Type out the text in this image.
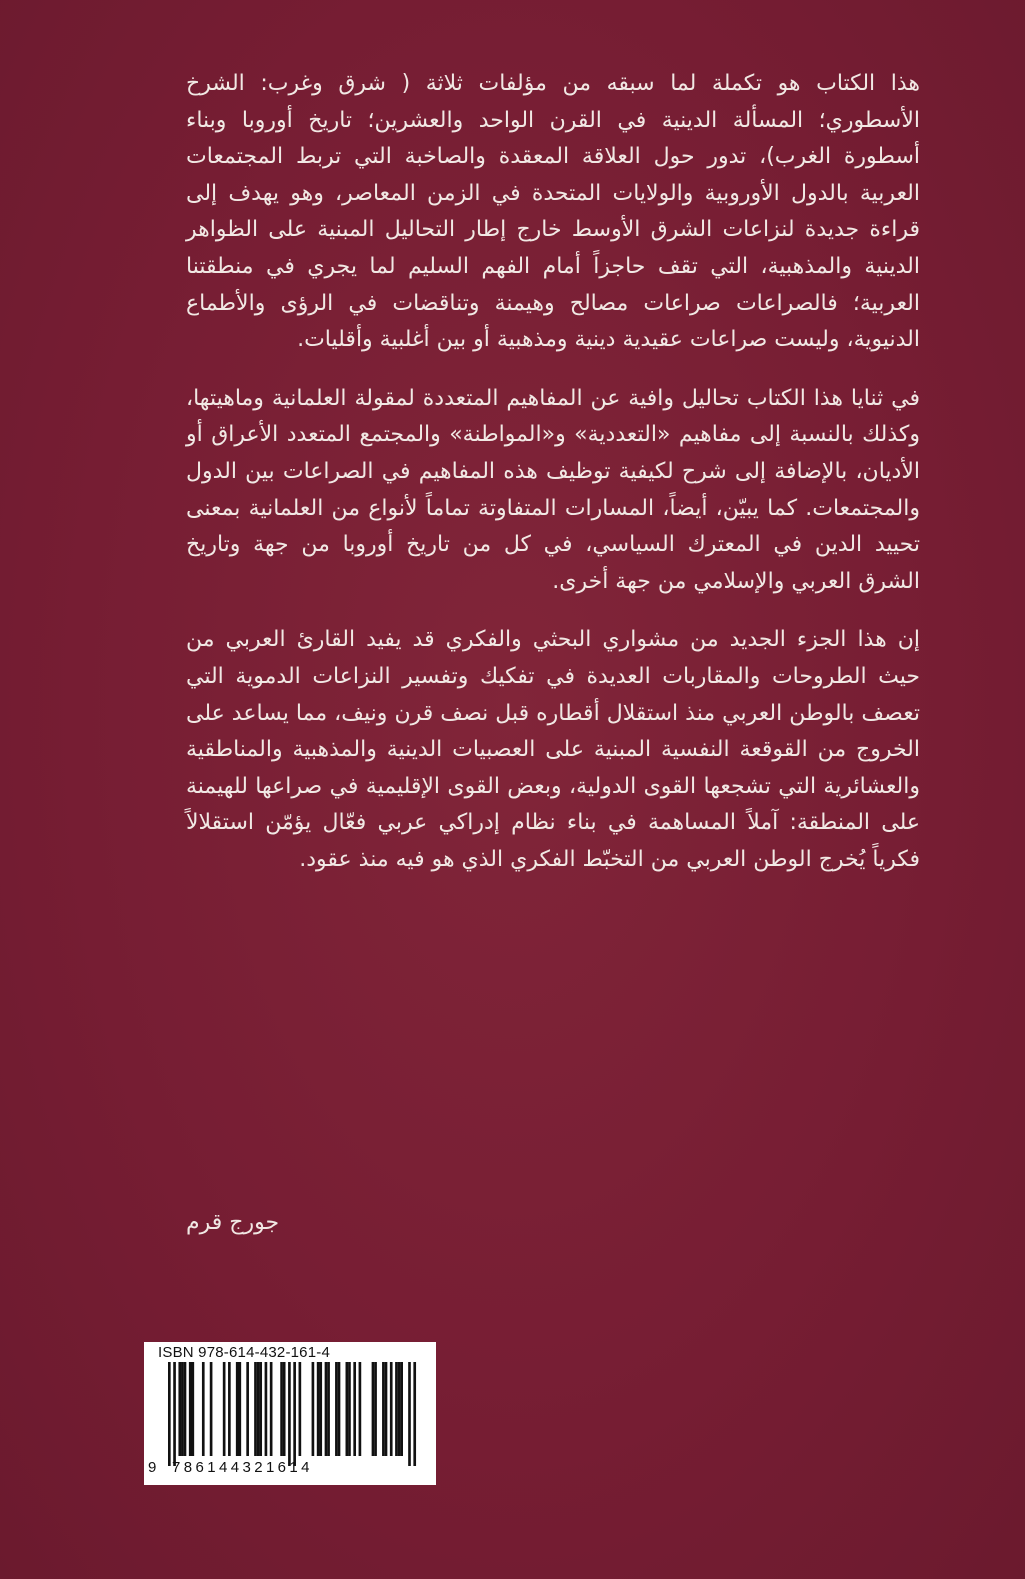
هذا الكتاب هو تكملة لما سبقه من مؤلفات ثلاثة ( شرق وغرب: الشرخ الأسطوري؛ المسألة الدينية في القرن الواحد والعشرين؛ تاريخ أوروبا وبناء أسطورة الغرب)، تدور حول العلاقة المعقدة والصاخبة التي تربط المجتمعات العربية بالدول الأوروبية والولايات المتحدة في الزمن المعاصر، وهو يهدف إلى قراءة جديدة لنزاعات الشرق الأوسط خارج إطار التحاليل المبنية على الظواهر الدينية والمذهبية، التي تقف حاجزاً أمام الفهم السليم لما يجري في منطقتنا العربية؛ فالصراعات صراعات مصالح وهيمنة وتناقضات في الرؤى والأطماع الدنيوية، وليست صراعات عقيدية دينية ومذهبية أو بين أغلبية وأقليات.

في ثنايا هذا الكتاب تحاليل وافية عن المفاهيم المتعددة لمقولة العلمانية وماهيتها، وكذلك بالنسبة إلى مفاهيم «التعددية» و«المواطنة» والمجتمع المتعدد الأعراق أو الأديان، بالإضافة إلى شرح لكيفية توظيف هذه المفاهيم في الصراعات بين الدول والمجتمعات. كما يبيّن، أيضاً، المسارات المتفاوتة تماماً لأنواع من العلمانية بمعنى تحييد الدين في المعترك السياسي، في كل من تاريخ أوروبا من جهة وتاريخ الشرق العربي والإسلامي من جهة أخرى.

إن هذا الجزء الجديد من مشواري البحثي والفكري قد يفيد القارئ العربي من حيث الطروحات والمقاربات العديدة في تفكيك وتفسير النزاعات الدموية التي تعصف بالوطن العربي منذ استقلال أقطاره قبل نصف قرن ونيف، مما يساعد على الخروج من القوقعة النفسية المبنية على العصبيات الدينية والمذهبية والمناطقية والعشائرية التي تشجعها القوى الدولية، وبعض القوى الإقليمية في صراعها للهيمنة على المنطقة: آملاً المساهمة في بناء نظام إدراكي عربي فعّال يؤمّن استقلالاً فكرياً يُخرج الوطن العربي من التخبّط الفكري الذي هو فيه منذ عقود.

جورج قرم
ISBN 978-614-432-161-4
9 786144321614
